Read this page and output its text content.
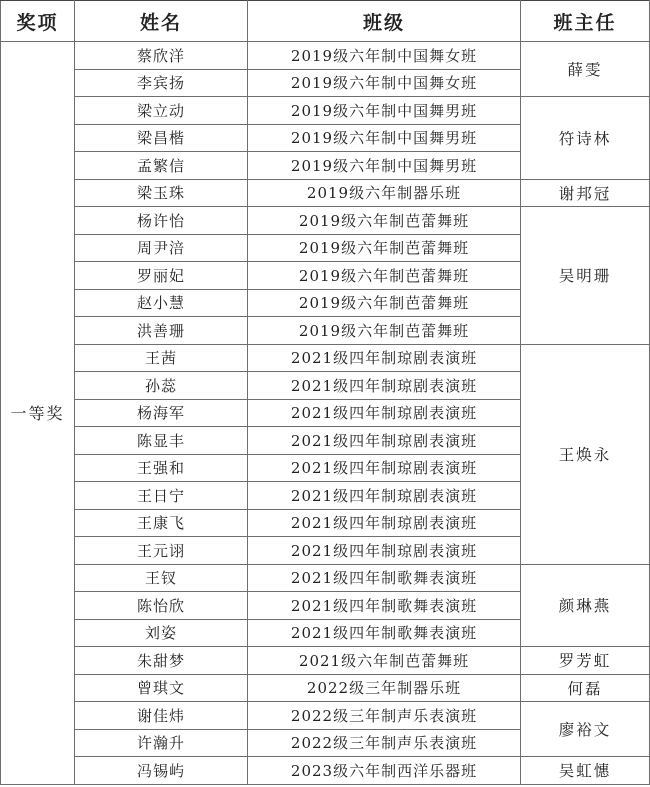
奖项	姓名	班级	班主任
一等奖	蔡欣洋	2019级六年制中国舞女班	薛雯
	李宾扬	2019级六年制中国舞女班	
	梁立动	2019级六年制中国舞男班	符诗林
	梁昌楷	2019级六年制中国舞男班	
	孟繁信	2019级六年制中国舞男班	
	梁玉珠	2019级六年制器乐班	谢邦冠
	杨许怡	2019级六年制芭蕾舞班	吴明珊
	周尹涪	2019级六年制芭蕾舞班	
	罗丽妃	2019级六年制芭蕾舞班	
	赵小慧	2019级六年制芭蕾舞班	
	洪善珊	2019级六年制芭蕾舞班	
	王茜	2021级四年制琼剧表演班	王焕永
	孙蕊	2021级四年制琼剧表演班	
	杨海军	2021级四年制琼剧表演班	
	陈显丰	2021级四年制琼剧表演班	
	王强和	2021级四年制琼剧表演班	
	王日宁	2021级四年制琼剧表演班	
	王康飞	2021级四年制琼剧表演班	
	王元诩	2021级四年制琼剧表演班	
	王钗	2021级四年制歌舞表演班	颜琳燕
	陈怡欣	2021级四年制歌舞表演班	
	刘姿	2021级四年制歌舞表演班	
	朱甜梦	2021级六年制芭蕾舞班	罗芳虹
	曾琪文	2022级三年制器乐班	何磊
	谢佳炜	2022级三年制声乐表演班	廖裕文
	许瀚升	2022级三年制声乐表演班	
	冯锡屿	2023级六年制西洋乐器班	吴虹憓
